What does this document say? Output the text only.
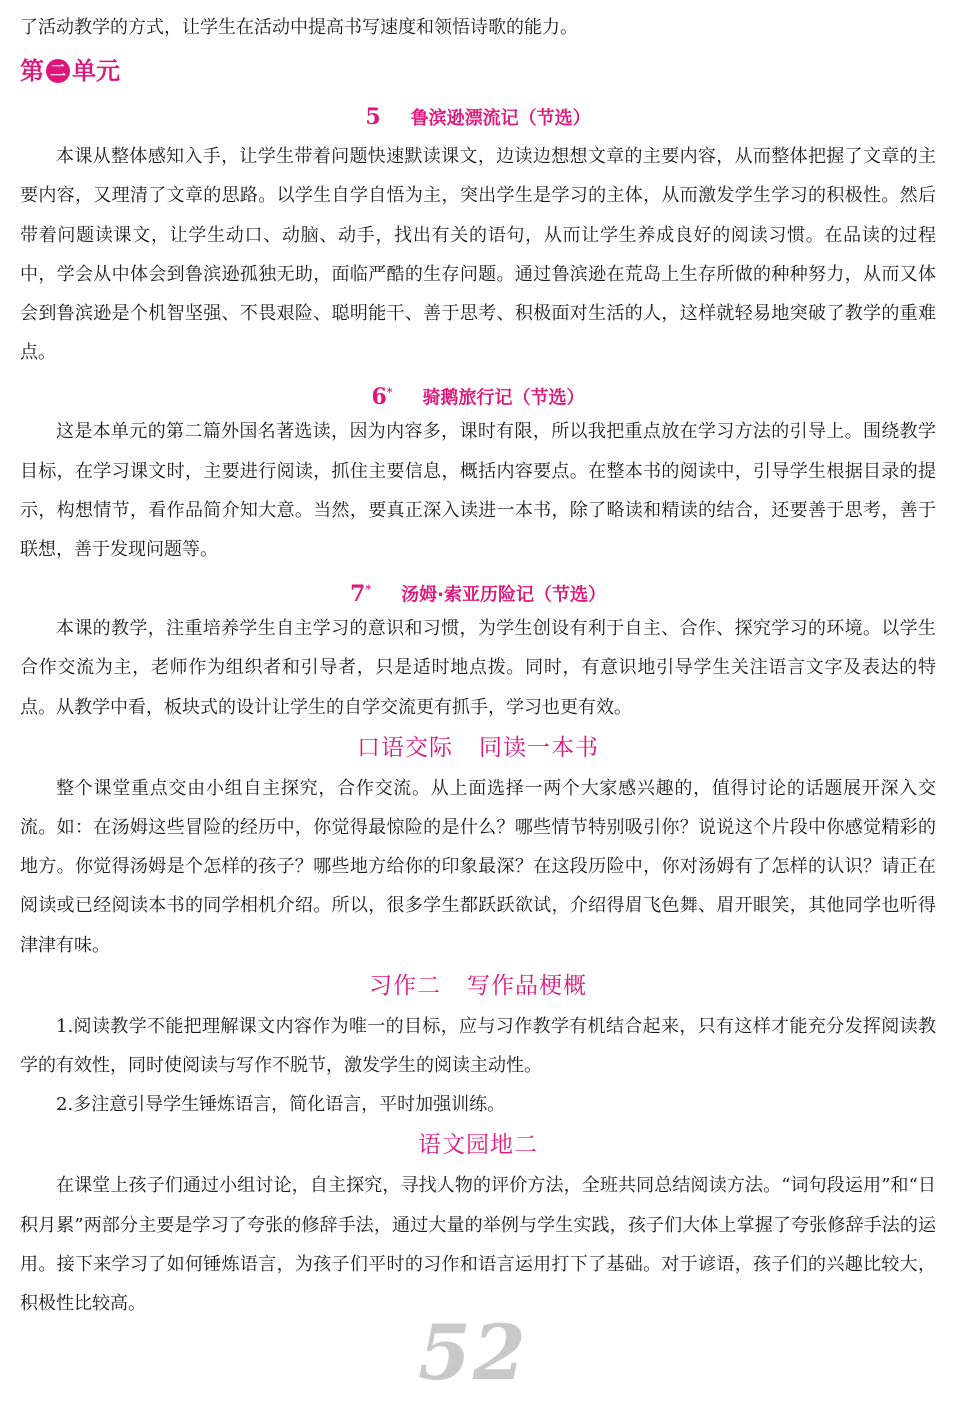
了活动教学的方式，让学生在活动中提高书写速度和领悟诗歌的能力。

第 二 单元
5 鲁滨逊漂流记（节选）

本课从整体感知入手，让学生带着问题快速默读课文，边读边想想文章的主要内容，从而整体把握了文章的主要内容，又理清了文章的思路。以学生自学自悟为主，突出学生是学习的主体，从而激发学生学习的积极性。然后带着问题读课文，让学生动口、动脑、动手，找出有关的语句，从而让学生养成良好的阅读习惯。在品读的过程中，学会从中体会到鲁滨逊孤独无助，面临严酷的生存问题。通过鲁滨逊在荒岛上生存所做的种种努力，从而又体会到鲁滨逊是个机智坚强、不畏艰险、聪明能干、善于思考、积极面对生活的人，这样就轻易地突破了教学的重难点。

6* 骑鹅旅行记（节选）

这是本单元的第二篇外国名著选读，因为内容多，课时有限，所以我把重点放在学习方法的引导上。围绕教学目标，在学习课文时，主要进行阅读，抓住主要信息，概括内容要点。在整本书的阅读中，引导学生根据目录的提示，构想情节，看作品简介知大意。当然，要真正深入读进一本书，除了略读和精读的结合，还要善于思考，善于联想，善于发现问题等。

7* 汤姆·索亚历险记（节选）

本课的教学，注重培养学生自主学习的意识和习惯，为学生创设有利于自主、合作、探究学习的环境。以学生合作交流为主，老师作为组织者和引导者，只是适时地点拨。同时，有意识地引导学生关注语言文字及表达的特点。从教学中看，板块式的设计让学生的自学交流更有抓手，学习也更有效。

口语交际 同读一本书

整个课堂重点交由小组自主探究，合作交流。从上面选择一两个大家感兴趣的，值得讨论的话题展开深入交流。如：在汤姆这些冒险的经历中，你觉得最惊险的是什么？哪些情节特别吸引你？说说这个片段中你感觉精彩的地方。你觉得汤姆是个怎样的孩子？哪些地方给你的印象最深？在这段历险中，你对汤姆有了怎样的认识？请正在阅读或已经阅读本书的同学相机介绍。所以，很多学生都跃跃欲试，介绍得眉飞色舞、眉开眼笑，其他同学也听得津津有味。

习作二 写作品梗概

1.阅读教学不能把理解课文内容作为唯一的目标，应与习作教学有机结合起来，只有这样才能充分发挥阅读教学的有效性，同时使阅读与写作不脱节，激发学生的阅读主动性。

2.多注意引导学生锤炼语言，简化语言，平时加强训练。

语文园地二

在课堂上孩子们通过小组讨论，自主探究，寻找人物的评价方法，全班共同总结阅读方法。“词句段运用”和“日积月累”两部分主要是学习了夸张的修辞手法，通过大量的举例与学生实践，孩子们大体上掌握了夸张修辞手法的运用。接下来学习了如何锤炼语言，为孩子们平时的习作和语言运用打下了基础。对于谚语，孩子们的兴趣比较大，积极性比较高。

52
